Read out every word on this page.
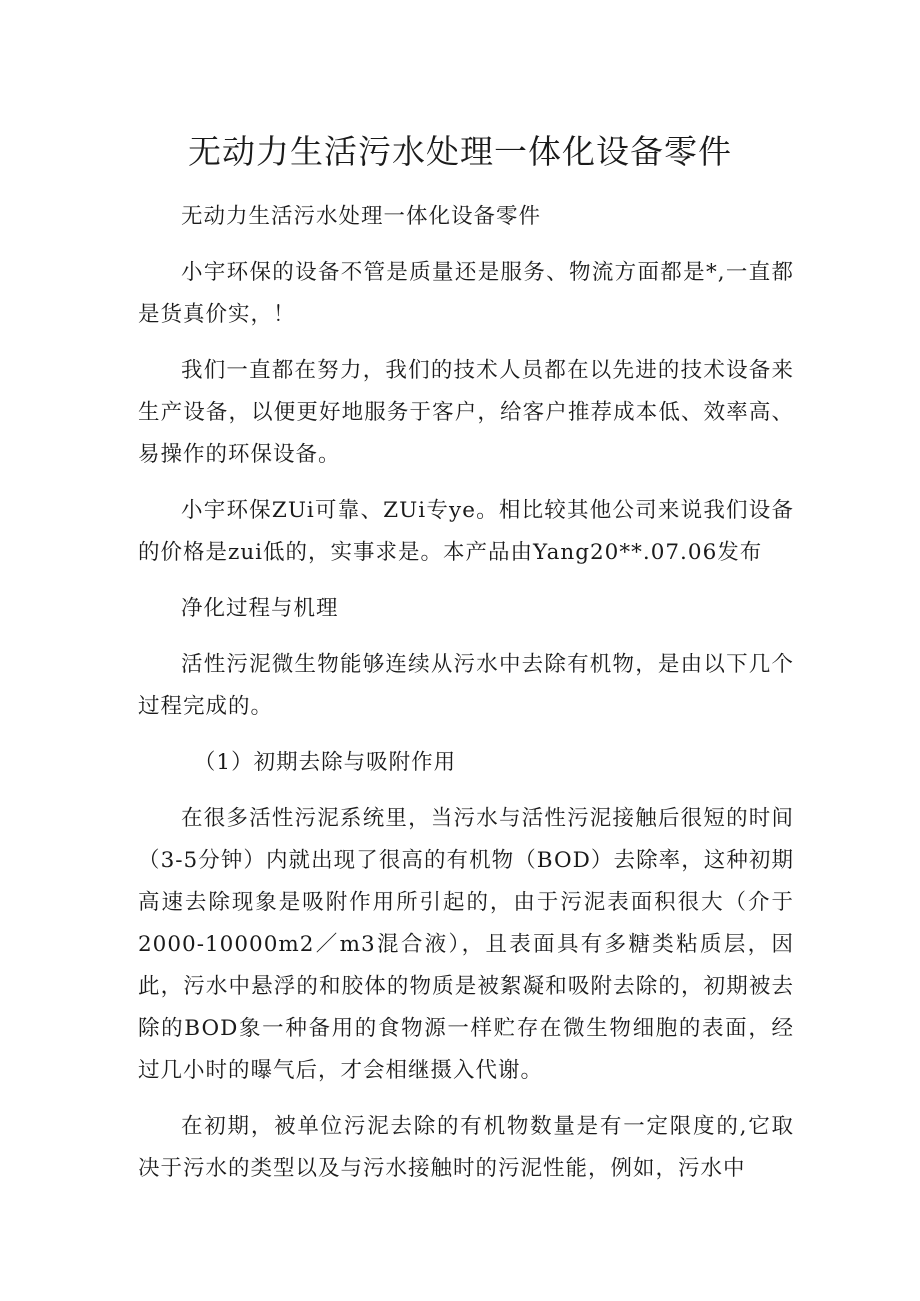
无动力生活污水处理一体化设备零件

无动力生活污水处理一体化设备零件

小宇环保的设备不管是质量还是服务、物流方面都是*,一直都是货真价实，！

我们一直都在努力，我们的技术人员都在以先进的技术设备来生产设备，以便更好地服务于客户，给客户推荐成本低、效率高、易操作的环保设备。

小宇环保ZUi可靠、ZUi专ye。相比较其他公司来说我们设备的价格是zui低的，实事求是。本产品由Yang20**.07.06发布

净化过程与机理

活性污泥微生物能够连续从污水中去除有机物，是由以下几个过程完成的。

（1）初期去除与吸附作用

在很多活性污泥系统里，当污水与活性污泥接触后很短的时间（3-5分钟）内就出现了很高的有机物（BOD）去除率，这种初期高速去除现象是吸附作用所引起的，由于污泥表面积很大（介于2000-10000m2／m3混合液），且表面具有多糖类粘质层，因此，污水中悬浮的和胶体的物质是被絮凝和吸附去除的，初期被去除的BOD象一种备用的食物源一样贮存在微生物细胞的表面，经过几小时的曝气后，才会相继摄入代谢。

在初期，被单位污泥去除的有机物数量是有一定限度的,它取决于污水的类型以及与污水接触时的污泥性能，例如，污水中
